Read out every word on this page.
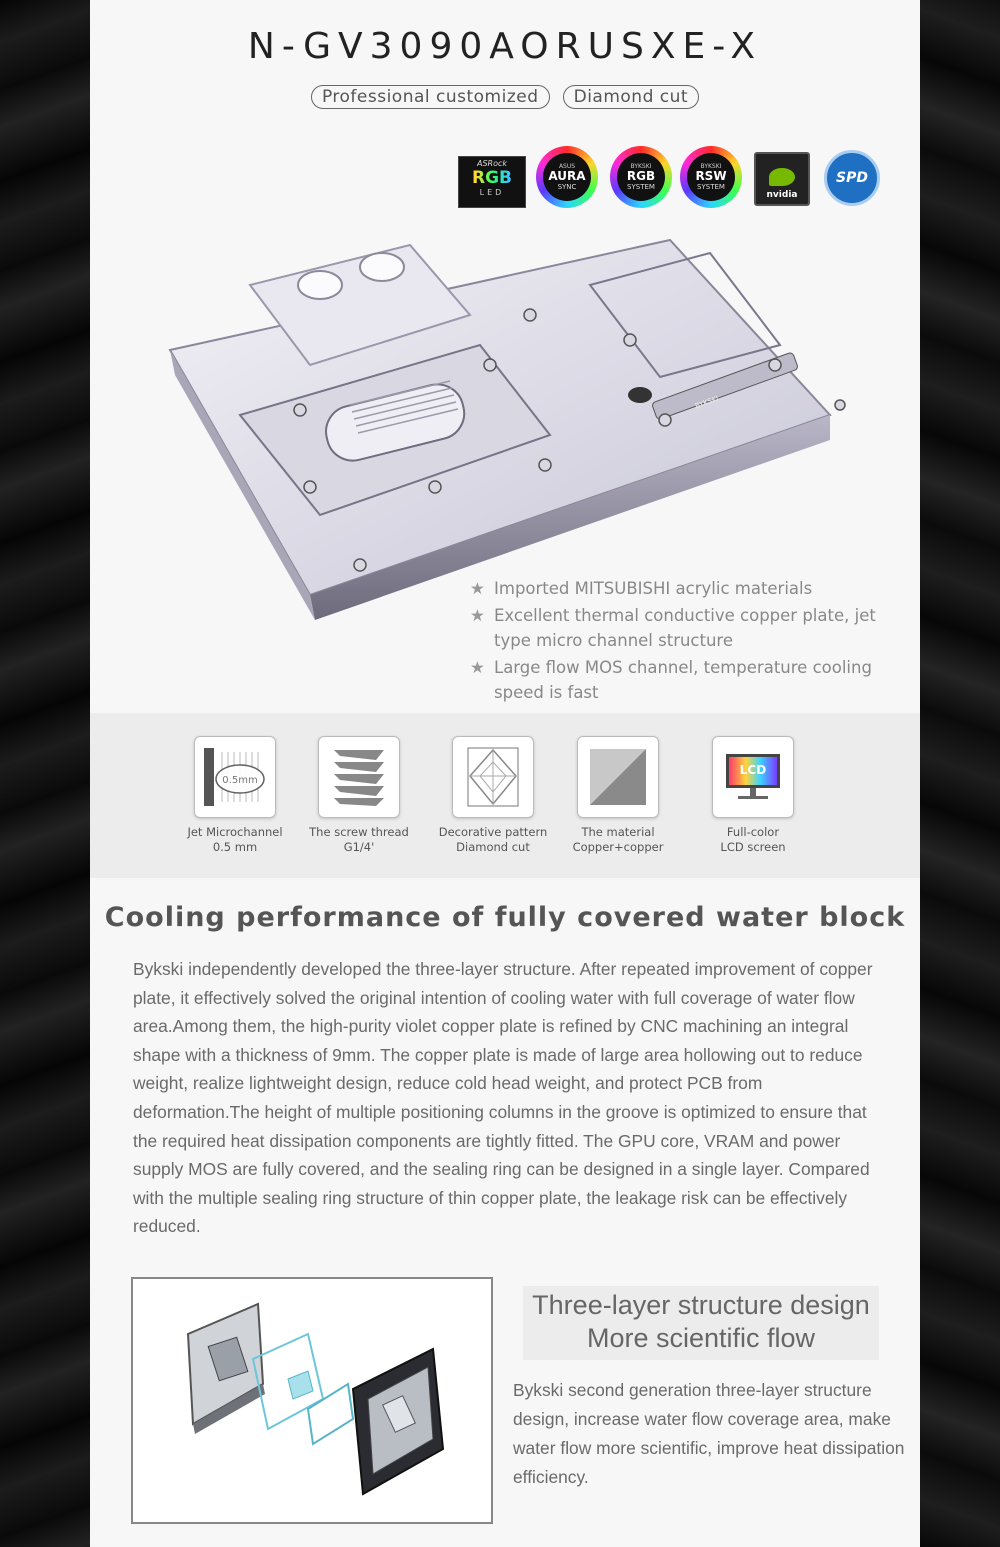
N-GV3090AORUSXE-X
Professional customized Diamond cut
ASRock
RGB
LED
ASUS
AURA
SYNC
BYKSKI
RGB
SYSTEM
BYKSKI
RSW
SYSTEM
nvidia
SPD
BYKSKI
★ Imported MITSUBISHI acrylic materials
★ Excellent thermal conductive copper plate, jet type micro channel structure
★ Large flow MOS channel, temperature cooling speed is fast
0.5mm
Jet Microchannel
0.5 mm
The screw thread
G1/4'
Decorative pattern
Diamond cut
The material
Copper+copper
LCD
Full-color
LCD screen
Cooling performance of fully covered water block
Bykski independently developed the three-layer structure. After repeated improvement of copper plate, it effectively solved the original intention of cooling water with full coverage of water flow area.Among them, the high-purity violet copper plate is refined by CNC machining an integral shape with a thickness of 9mm. The copper plate is made of large area hollowing out to reduce weight, realize lightweight design, reduce cold head weight, and protect PCB from deformation.The height of multiple positioning columns in the groove is optimized to ensure that the required heat dissipation components are tightly fitted. The GPU core, VRAM and power supply MOS are fully covered, and the sealing ring can be designed in a single layer. Compared with the multiple sealing ring structure of thin copper plate, the leakage risk can be effectively reduced.
Three-layer structure design
More scientific flow
Bykski second generation three-layer structure design, increase water flow coverage area, make water flow more scientific, improve heat dissipation efficiency.
